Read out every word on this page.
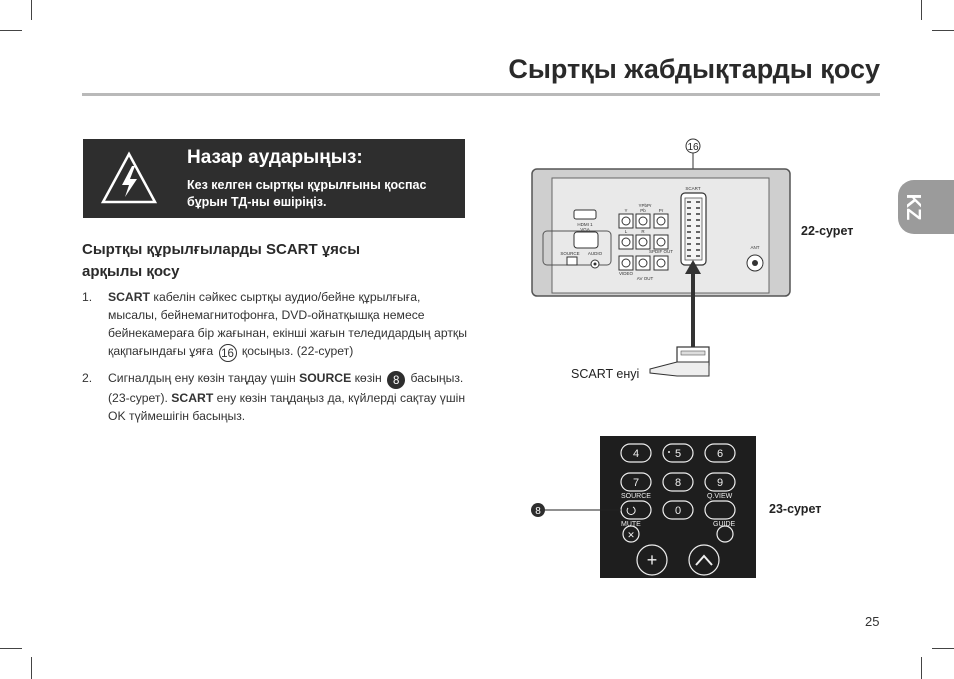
Сыртқы жабдықтарды қосу
Назар аударыңыз:
Кез келген сыртқы құрылғыны қоспас бұрын ТД-ны өшіріңіз.
Сыртқы құрылғыларды SCART ұясы арқылы қосу
1. SCART кабелін сәйкес сыртқы аудио/бейне құрылғыға, мысалы, бейнемагнитофонға, DVD-ойнатқышқа немесе бейнекамераға бір жағынан, екінші жағын теледидардың артқы қақпағындағы ұяға 16 қосыңыз. (22-сурет)
2. Сигналдың ену көзін таңдау үшін SOURCE көзін 8 басыңыз. (23-сурет). SCART ену көзін таңдаңыз да, күйлерді сақтау үшін OK түймешігін басыңыз.
16
HDMI 1
VGA
SOURCE AUDIO
YPbPr
Y	Pb	Pr
L	R
SPDIF OUT
VIDEO
AV OUT
SCART
ANT
22-сурет
SCART енуі
4	5	6
7	8	9
0
SOURCE	Q.VIEW
MUTE	GUIDE
✕
+
8	23-сурет
KZ
25
